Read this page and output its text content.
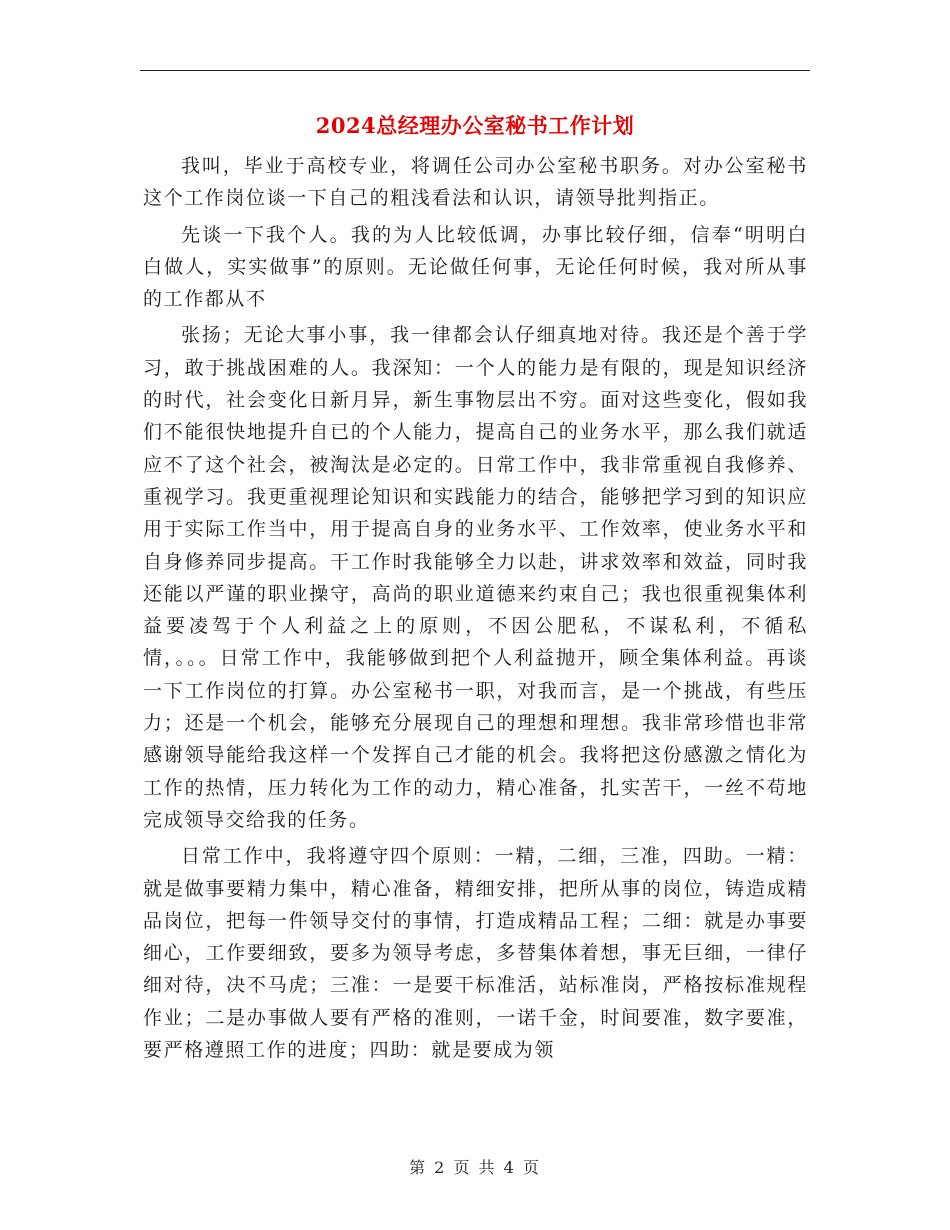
2024总经理办公室秘书工作计划

我叫，毕业于高校专业，将调任公司办公室秘书职务。对办公室秘书这个工作岗位谈一下自己的粗浅看法和认识，请领导批判指正。

先谈一下我个人。我的为人比较低调，办事比较仔细，信奉“明明白白做人，实实做事”的原则。无论做任何事，无论任何时候，我对所从事的工作都从不

张扬；无论大事小事，我一律都会认仔细真地对待。我还是个善于学习，敢于挑战困难的人。我深知：一个人的能力是有限的，现是知识经济的时代，社会变化日新月异，新生事物层出不穷。面对这些变化，假如我们不能很快地提升自已的个人能力，提高自己的业务水平，那么我们就适应不了这个社会，被淘汰是必定的。日常工作中，我非常重视自我修养、重视学习。我更重视理论知识和实践能力的结合，能够把学习到的知识应用于实际工作当中，用于提高自身的业务水平、工作效率，使业务水平和自身修养同步提高。干工作时我能够全力以赴，讲求效率和效益，同时我还能以严谨的职业操守，高尚的职业道德来约束自己；我也很重视集体利益要凌驾于个人利益之上的原则，不因公肥私，不谋私利，不循私情，。。。日常工作中，我能够做到把个人利益抛开，顾全集体利益。再谈一下工作岗位的打算。办公室秘书一职，对我而言，是一个挑战，有些压力；还是一个机会，能够充分展现自己的理想和理想。我非常珍惜也非常感谢领导能给我这样一个发挥自己才能的机会。我将把这份感激之情化为工作的热情，压力转化为工作的动力，精心准备，扎实苦干，一丝不苟地完成领导交给我的任务。

日常工作中，我将遵守四个原则：一精，二细，三准，四助。一精：就是做事要精力集中，精心准备，精细安排，把所从事的岗位，铸造成精品岗位，把每一件领导交付的事情，打造成精品工程；二细：就是办事要细心，工作要细致，要多为领导考虑，多替集体着想，事无巨细，一律仔细对待，决不马虎；三准：一是要干标准活，站标准岗，严格按标准规程作业；二是办事做人要有严格的准则，一诺千金，时间要准，数字要准，要严格遵照工作的进度；四助：就是要成为领

第 2 页 共 4 页
